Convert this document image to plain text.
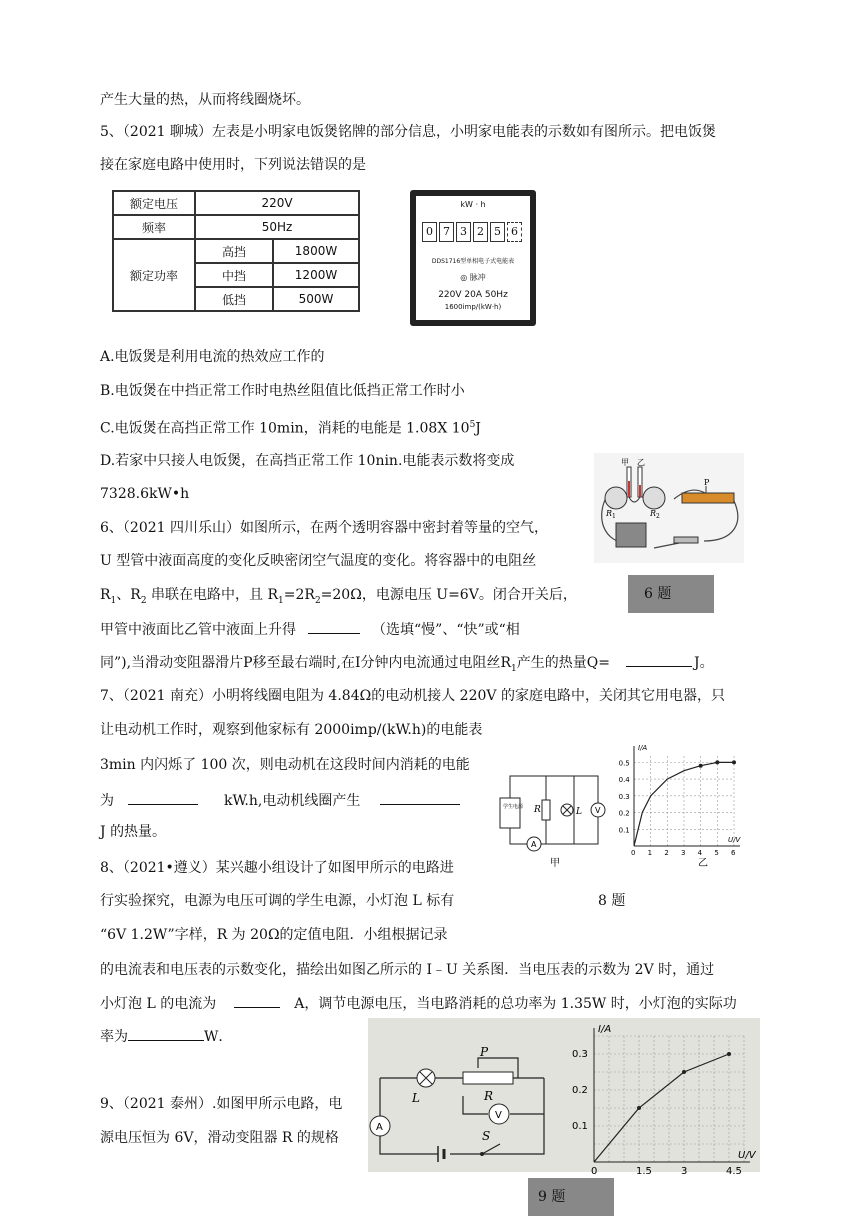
产生大量的热，从而将线圈烧坏。
5、（2021 聊城）左表是小明家电饭煲铭牌的部分信息，小明家电能表的示数如有图所示。把电饭煲
接在家庭电路中使用时，下列说法错误的是
额定电压	220V	
频率	50Hz	
额定功率	高挡	1800W
	中挡	1200W
	低挡	500W
kW · h
0 7 3 2 5 6
DDS1716型单相电子式电能表
◎ 脉冲
220V 20A 50Hz
1600imp/(kW·h)
A.电饭煲是利用电流的热效应工作的
B.电饭煲在中挡正常工作时电热丝阻值比低挡正常工作时小
C.电饭煲在高挡正常工作 10min，消耗的电能是 1.08X $10^5J$
D.若家中只接人电饭煲，在高挡正常工作 10nin.电能表示数将变成
7328.6kW•h
甲 乙
R 1	R 2
P
6、（2021 四川乐山）如图所示，在两个透明容器中密封着等量的空气，
U 型管中液面高度的变化反映密闭空气温度的变化。将容器中的电阻丝
$R_1$、$R_2$ 串联在电路中，且 $R_1=2R_2=20\Omega$，电源电压 U=6V。闭合开关后，	6 题
甲管中液面比乙管中液面上升得	（选填“慢”、“快”或“相
同”),当滑动变阻器滑片P移至最右端时,在I分钟内电流通过电阻丝$R_1$产生的热量Q=	J。
7、（2021 南充）小明将线圈电阻为 4.84Ω的电动机接人 220V 的家庭电路中，关闭其它用电器，只
让电动机工作时，观察到他家标有 2000imp/(kW.h)的电能表
3min 内闪烁了 100 次，则电动机在这段时间内消耗的电能
为	kW.h,电动机线圈产生
J 的热量。
学生电源 R	L V
A
甲
0 1 2 3 4 5 6
0.5
0.4
0.3
0.2
0.1
I/A
U/V
乙
8、（2021•遵义）某兴趣小组设计了如图甲所示的电路进
行实验探究，电源为电压可调的学生电源，小灯泡 L 标有	8 题
“6V 1.2W”字样，R 为 20Ω的定值电阻．小组根据记录
的电流表和电压表的示数变化，描绘出如图乙所示的 I﹣U 关系图．当电压表的示数为 2V 时，通过
小灯泡 L 的电流为	A，调节电源电压，当电路消耗的总功率为 1.35W 时，小灯泡的实际功
率为	W．
L
P
R
V
A
S
0	1.5	3	4.5
0.3
0.2
0.1
I/A
U/V
9、（2021 泰州）.如图甲所示电路，电
源电压恒为 6V，滑动变阻器 R 的规格
9 题
